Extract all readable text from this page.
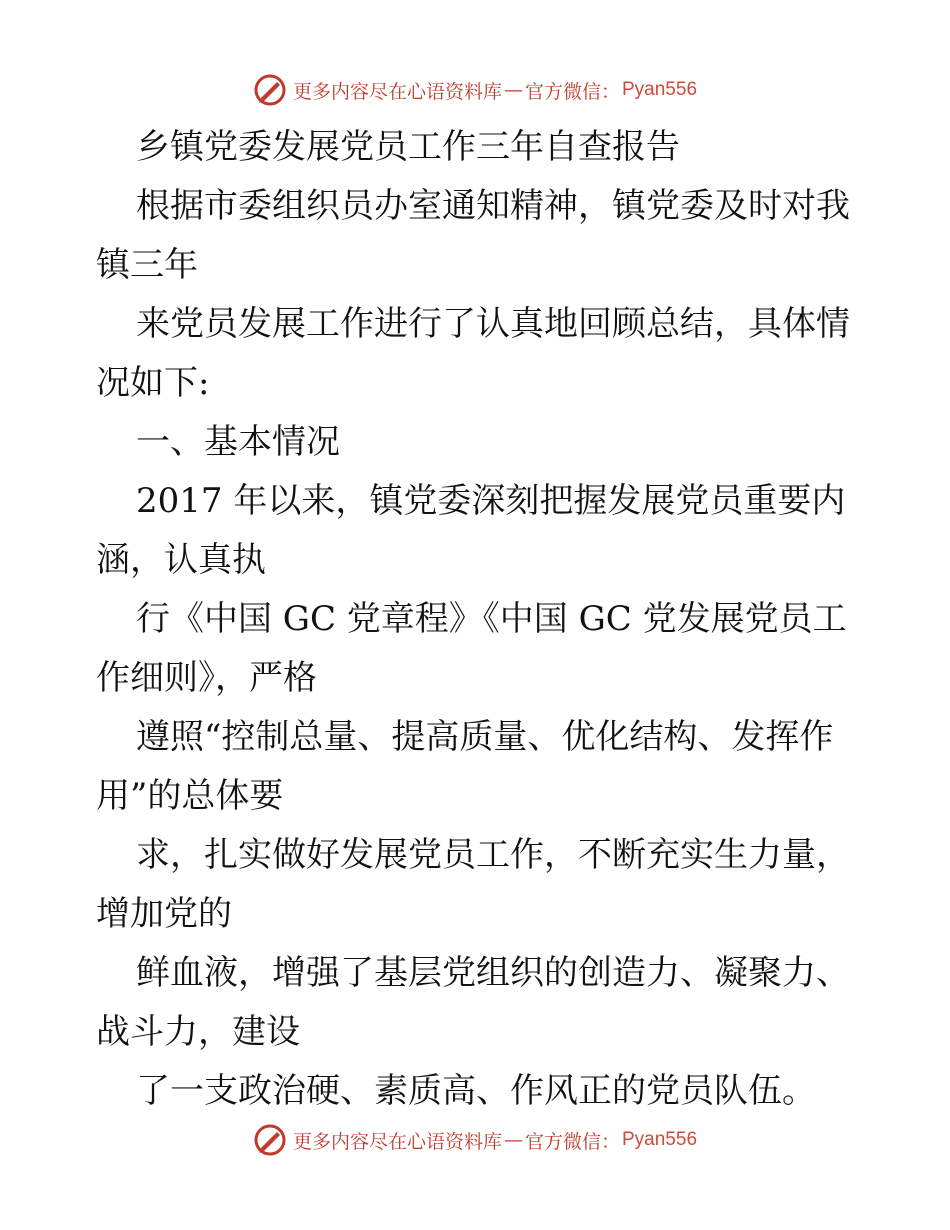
更多内容尽在心语资料库 — 官方微信： Pyan556
乡镇党委发展党员工作三年自查报告
根据市委组织员办室通知精神，镇党委及时对我
镇三年
来党员发展工作进行了认真地回顾总结，具体情
况如下:
一、基本情况
2017 年以来，镇党委深刻把握发展党员重要内
涵，认真执
行《中国 GC 党章程》《中国 GC 党发展党员工
作细则》，严格
遵照“控制总量、提高质量、优化结构、发挥作
用”的总体要
求，扎实做好发展党员工作，不断充实生力量，
增加党的
鲜血液，增强了基层党组织的创造力、凝聚力、
战斗力，建设
了一支政治硬、素质高、作风正的党员队伍。
更多内容尽在心语资料库 — 官方微信： Pyan556
